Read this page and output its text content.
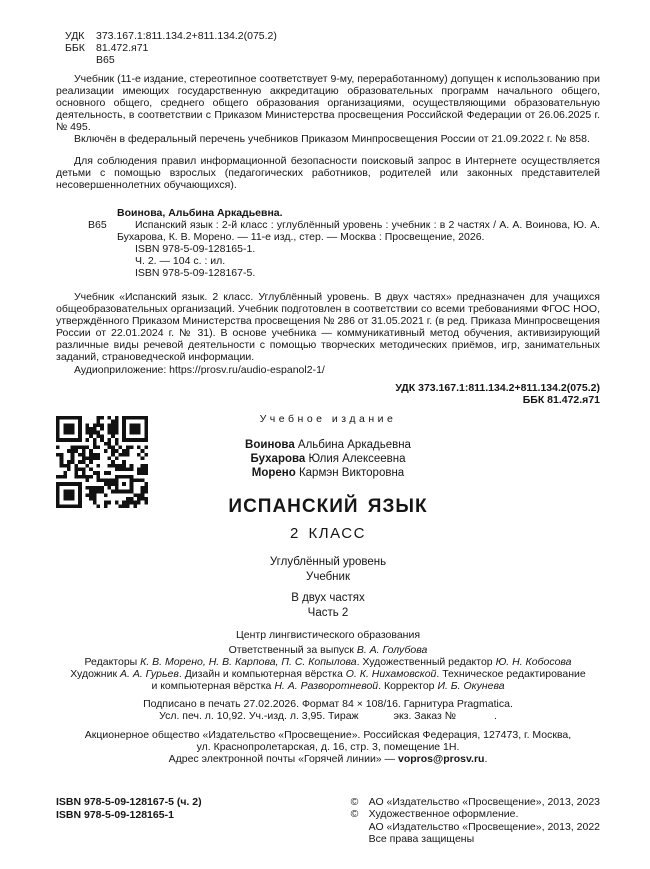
УДК	373.167.1:811.134.2+811.134.2(075.2)
ББК	81.472.я71
В65

Учебник (11-е издание, стереотипное соответствует 9-му, переработанному) допущен к использованию при реализации имеющих государственную аккредитацию образовательных программ начального общего, основного общего, среднего общего образования организациями, осуществляющими образовательную деятельность, в соответствии с Приказом Министерства просвещения Российской Федерации от 26.06.2025 г. № 495.

Включён в федеральный перечень учебников Приказом Минпросвещения России от 21.09.2022 г. № 858.

Для соблюдения правил информационной безопасности поисковый запрос в Интернете осуществляется детьми с помощью взрослых (педагогических работников, родителей или законных представителей несовершеннолетних обучающихся).

В65

Воинова, Альбина Аркадьевна.

Испанский язык : 2-й класс : углублённый уровень : учебник : в 2 частях / А. А. Воинова, Ю. А. Бухарова, К. В. Морено. — 11-е изд., стер. — Москва : Просвещение, 2026.

ISBN 978-5-09-128165-1.

Ч. 2. — 104 с. : ил.

ISBN 978-5-09-128167-5.

Учебник «Испанский язык. 2 класс. Углублённый уровень. В двух частях» предназначен для учащихся общеобразовательных организаций. Учебник подготовлен в соответствии со всеми требованиями ФГОС НОО, утверждённого Приказом Министерства просвещения № 286 от 31.05.2021 г. (в ред. Приказа Минпросвещения России от 22.01.2024 г. № 31). В основе учебника — коммуникативный метод обучения, активизирующий различные виды речевой деятельности с помощью творческих методических приёмов, игр, занимательных заданий, страноведческой информации.

Аудиоприложение: https://prosv.ru/audio-espanol2-1/

УДК 373.167.1:811.134.2+811.134.2(075.2)
ББК 81.472.я71
Учебное издание
Воинова Альбина Аркадьевна
Бухарова Юлия Алексеевна
Морено Кармэн Викторовна
ИСПАНСКИЙ ЯЗЫК
2 КЛАСС
Углублённый уровень
Учебник
В двух частях
Часть 2
Центр лингвистического образования
Ответственный за выпуск В. А. Голубова
Редакторы К. В. Морено, Н. В. Карпова, П. С. Копылова. Художественный редактор Ю. Н. Кобосова
Художник А. А. Гурьев. Дизайн и компьютерная вёрстка О. К. Нихамовской. Техническое редактирование
и компьютерная вёрстка Н. А. Разворотневой. Корректор И. Б. Окунева
Подписано в печать 27.02.2026. Формат 84 × 108/16. Гарнитура Pragmatica.
Усл. печ. л. 10,92. Уч.-изд. л. 3,95. Тираж            экз. Заказ №             .
Акционерное общество «Издательство «Просвещение». Российская Федерация, 127473, г. Москва,
ул. Краснопролетарская, д. 16, стр. 3, помещение 1Н.
Адрес электронной почты «Горячей линии» — vopros@prosv.ru.
ISBN 978-5-09-128167-5 (ч. 2)
ISBN 978-5-09-128165-1
© АО «Издательство «Просвещение», 2013, 2023
© Художественное оформление.
АО «Издательство «Просвещение», 2013, 2022
Все права защищены
